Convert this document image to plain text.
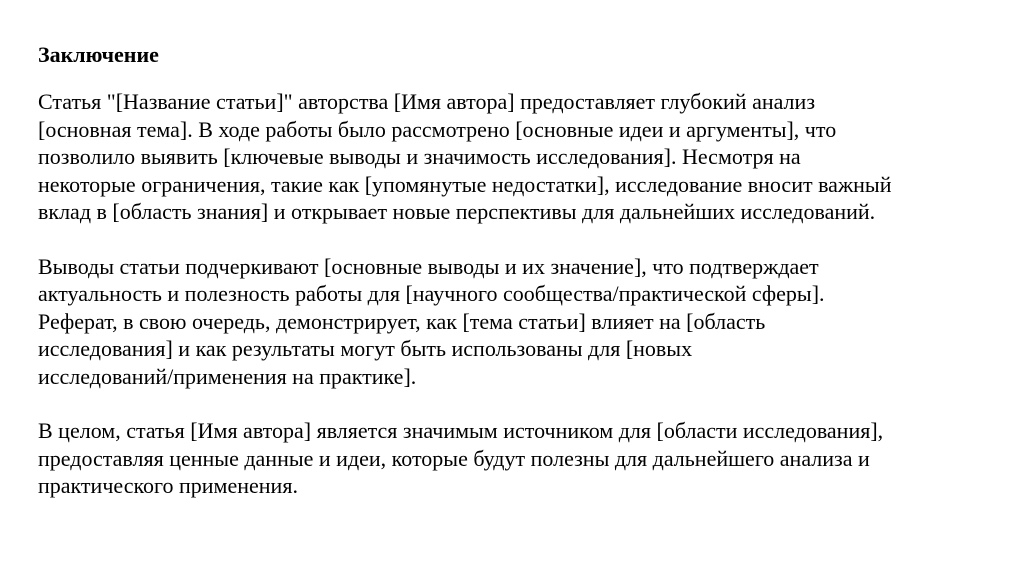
Заключение
Статья "[Название статьи]" авторства [Имя автора] предоставляет глубокий анализ
[основная тема]. В ходе работы было рассмотрено [основные идеи и аргументы], что
позволило выявить [ключевые выводы и значимость исследования]. Несмотря на
некоторые ограничения, такие как [упомянутые недостатки], исследование вносит важный
вклад в [область знания] и открывает новые перспективы для дальнейших исследований.
Выводы статьи подчеркивают [основные выводы и их значение], что подтверждает
актуальность и полезность работы для [научного сообщества/практической сферы].
Реферат, в свою очередь, демонстрирует, как [тема статьи] влияет на [область
исследования] и как результаты могут быть использованы для [новых
исследований/применения на практике].
В целом, статья [Имя автора] является значимым источником для [области исследования],
предоставляя ценные данные и идеи, которые будут полезны для дальнейшего анализа и
практического применения.
